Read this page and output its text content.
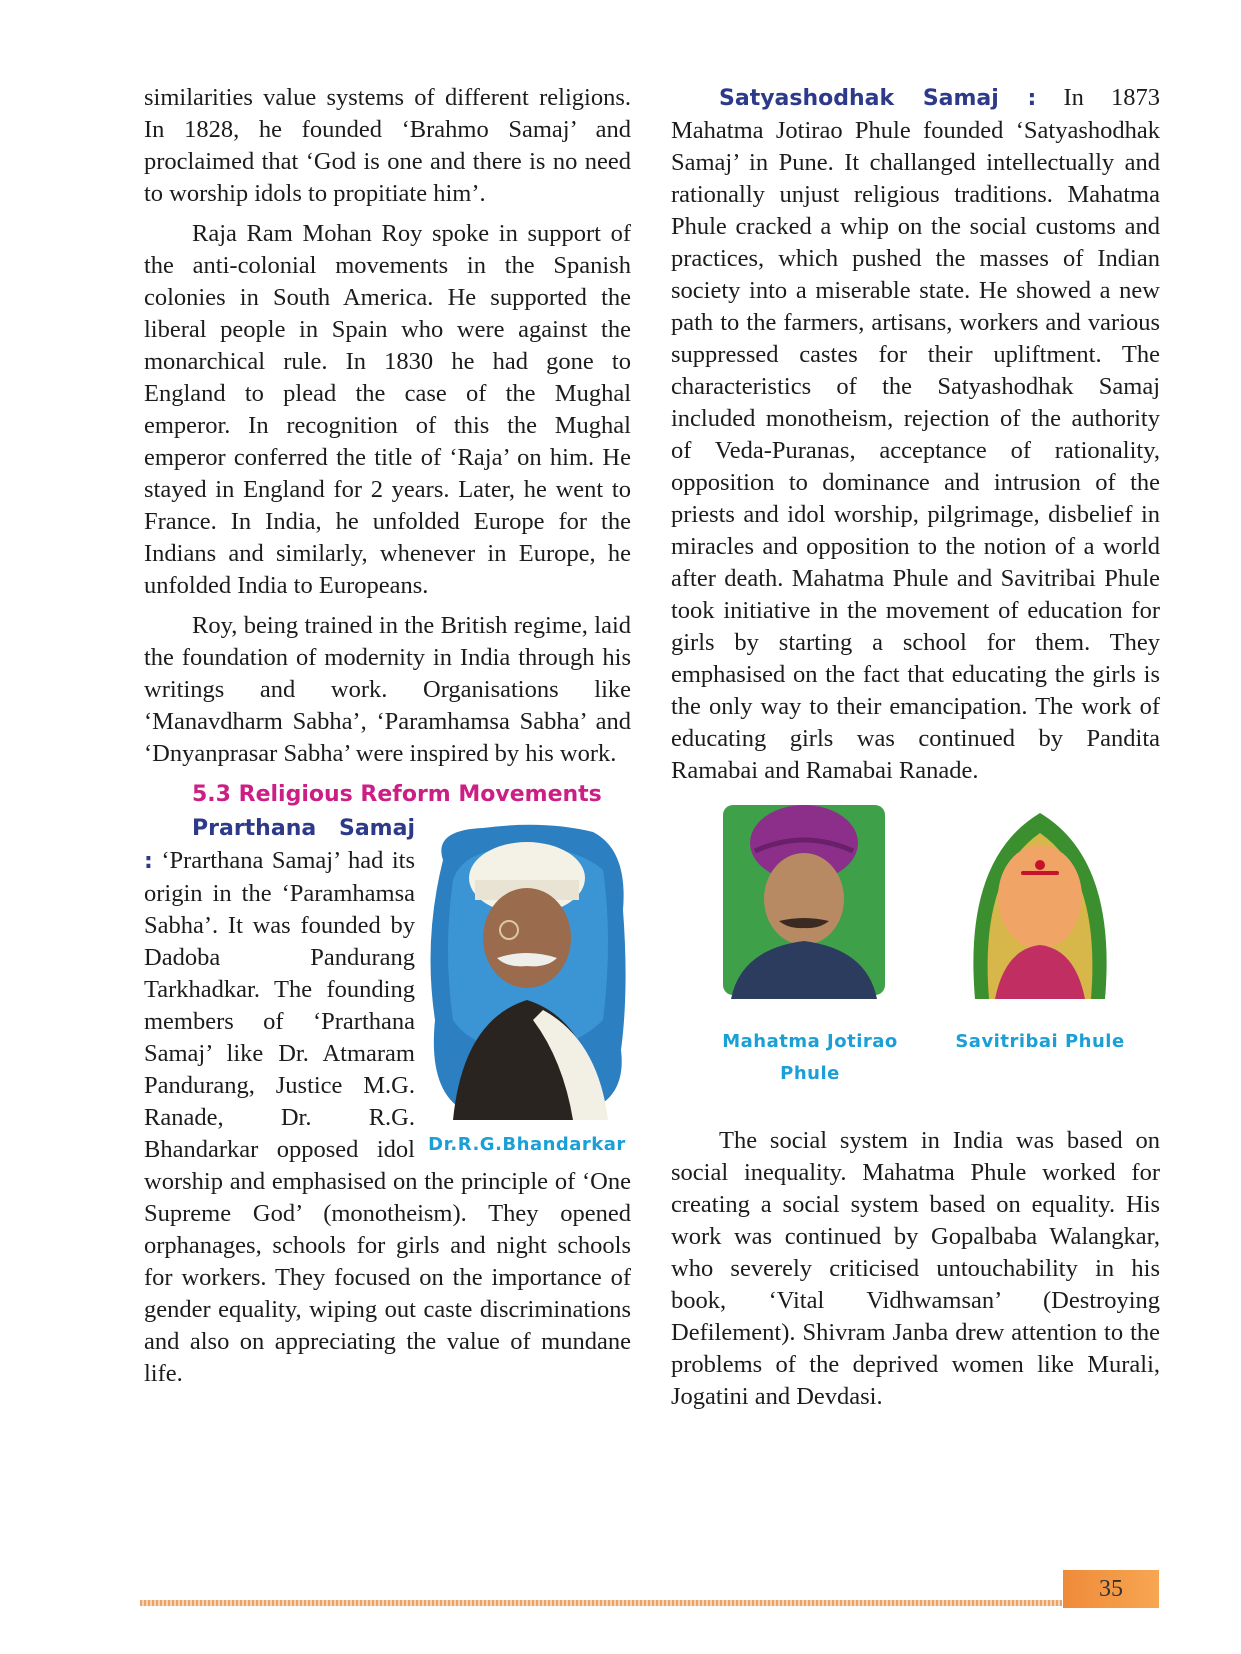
similarities value systems of different religions. In 1828, he founded ‘Brahmo Samaj’ and proclaimed that ‘God is one and there is no need to worship idols to propitiate him’.

Raja Ram Mohan Roy spoke in support of the anti-colonial movements in the Spanish colonies in South America. He supported the liberal people in Spain who were against the monarchical rule. In 1830 he had gone to England to plead the case of the Mughal emperor. In recognition of this the Mughal emperor conferred the title of ‘Raja’ on him. He stayed in England for 2 years. Later, he went to France. In India, he unfolded Europe for the Indians and similarly, whenever in Europe, he unfolded India to Europeans.

Roy, being trained in the British regime, laid the foundation of modernity in India through his writings and work. Organisations like ‘Manavdharm Sabha’, ‘Paramhamsa Sabha’ and ‘Dnyanprasar Sabha’ were inspired by his work.

5.3 Religious Reform Movements
Dr.R.G.Bhandarkar

Prarthana Samaj : ‘Prarthana Samaj’ had its origin in the ‘Paramhamsa Sabha’. It was founded by Dadoba Pandurang Tarkhadkar. The founding members of ‘Prarthana Samaj’ like Dr. Atmaram Pandurang, Justice M.G. Ranade, Dr. R.G. Bhandarkar opposed idol worship and emphasised on the principle of ‘One Supreme God’ (monotheism). They opened orphanages, schools for girls and night schools for workers. They focused on the importance of gender equality, wiping out caste discriminations and also on appreciating the value of mundane life.

Satyashodhak Samaj : In 1873 Mahatma Jotirao Phule founded ‘Satyashodhak Samaj’ in Pune. It challanged intellectually and rationally unjust religious traditions. Mahatma Phule cracked a whip on the social customs and practices, which pushed the masses of Indian society into a miserable state. He showed a new path to the farmers, artisans, workers and various suppressed castes for their upliftment. The characteristics of the Satyashodhak Samaj included monotheism, rejection of the authority of Veda-Puranas, acceptance of rationality, opposition to dominance and intrusion of the priests and idol worship, pilgrimage, disbelief in miracles and opposition to the notion of a world after death. Mahatma Phule and Savitribai Phule took initiative in the movement of education for girls by starting a school for them. They emphasised on the fact that educating the girls is the only way to their emancipation. The work of educating girls was continued by Pandita Ramabai and Ramabai Ranade.

Mahatma Jotirao Phule
Savitribai Phule

The social system in India was based on social inequality. Mahatma Phule worked for creating a social system based on equality. His work was continued by Gopalbaba Walangkar, who severely criticised untouchability in his book, ‘Vital Vidhwamsan’ (Destroying Defilement). Shivram Janba drew attention to the problems of the deprived women like Murali, Jogatini and Devdasi.

35
